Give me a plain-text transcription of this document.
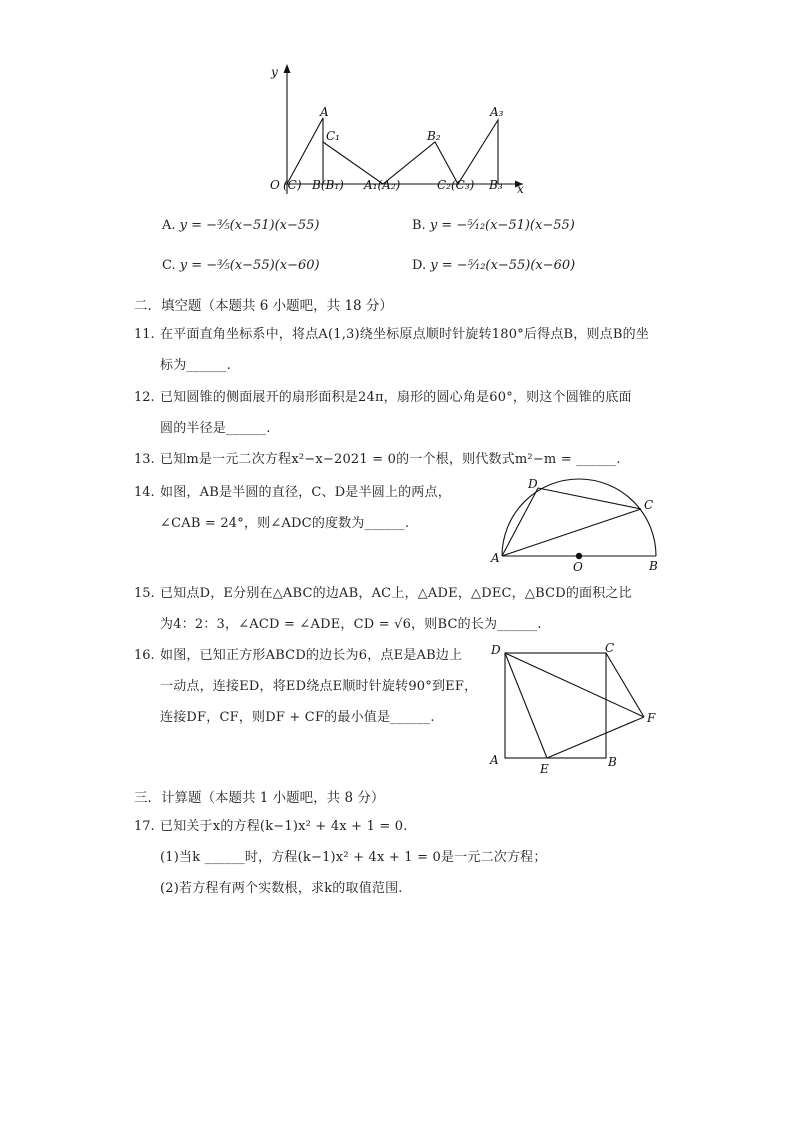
y
x
A
C₁	B₂
A₃
O (C) B(B₁) A₁(A₂)	C₂(C₃) B₃
A. y = −³⁄₅(x−51)(x−55)	B. y = −⁵⁄₁₂(x−51)(x−55)
C. y = −³⁄₅(x−55)(x−60)	D. y = −⁵⁄₁₂(x−55)(x−60)
二．填空题（本题共 6 小题吧，共 18 分）
11. 在平面直角坐标系中，将点A(1,3)绕坐标原点顺时针旋转180°后得点B，则点B的坐
标为______.
12. 已知圆锥的侧面展开的扇形面积是24π，扇形的圆心角是60°，则这个圆锥的底面
圆的半径是______.
13. 已知m是一元二次方程x²−x−2021 = 0的一个根，则代数式m²−m = ______.
14. 如图，AB是半圆的直径，C、D是半圆上的两点，
∠CAB = 24°，则∠ADC的度数为______.
A
B
C
D
O
15. 已知点D，E分别在△ABC的边AB，AC上，△ADE，△DEC，△BCD的面积之比
为4：2：3，∠ACD = ∠ADE，CD = √6，则BC的长为______.
16. 如图，已知正方形ABCD的边长为6，点E是AB边上
一动点，连接ED，将ED绕点E顺时针旋转90°到EF，
连接DF，CF，则DF + CF的最小值是______.
A	B
C
D
E
F
三．计算题（本题共 1 小题吧，共 8 分）
17. 已知关于x的方程(k−1)x² + 4x + 1 = 0.
(1)当k ______时，方程(k−1)x² + 4x + 1 = 0是一元二次方程；
(2)若方程有两个实数根，求k的取值范围.
